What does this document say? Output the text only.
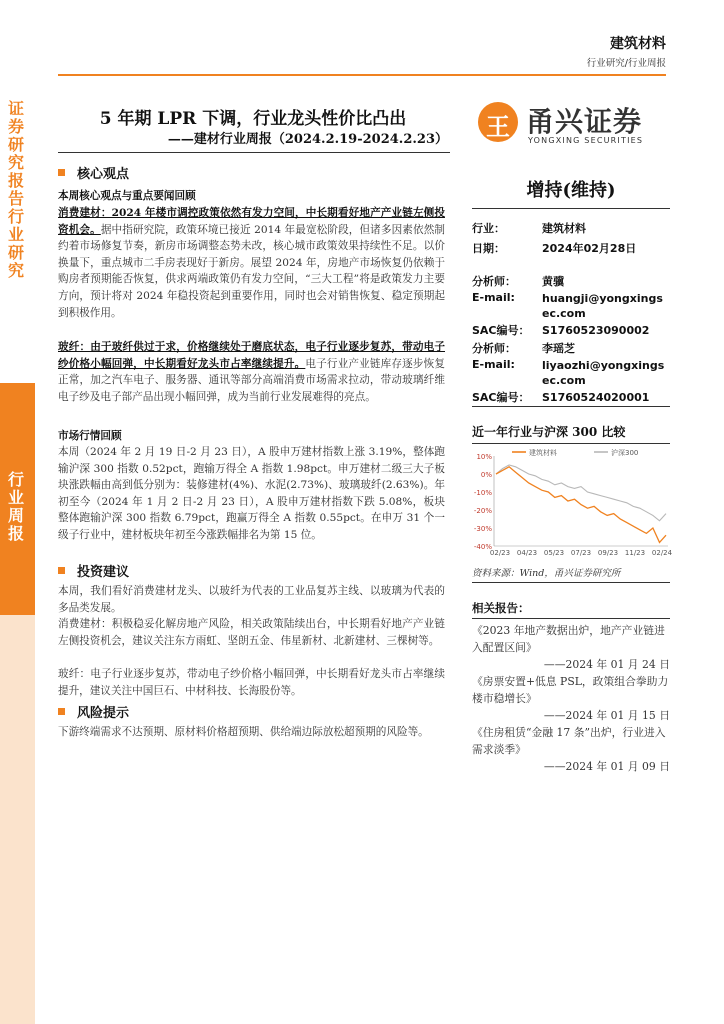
证券研究报告 行业研究
行业周报
建筑材料
行业研究/行业周报
5 年期 LPR 下调，行业龙头性价比凸出
——建材行业周报（2024.2.19-2024.2.23）	王 甬兴证券
YONGXING SECURITIES
核心观点
本周核心观点与重点要闻回顾
消费建材：2024 年楼市调控政策依然有发力空间，中长期看好地产产业链左侧投资机会。据中指研究院，政策环境已接近 2014 年最宽松阶段，但诸多因素依然制约着市场修复节奏，新房市场调整态势未改，核心城市政策效果持续性不足。以价换量下，重点城市二手房表现好于新房。展望 2024 年，房地产市场恢复仍依赖于购房者预期能否恢复，供求两端政策仍有发力空间，“三大工程”将是政策发力主要方向，预计将对 2024 年稳投资起到重要作用，同时也会对销售恢复、稳定预期起到积极作用。
玻纤：由于玻纤供过于求，价格继续处于磨底状态，电子行业逐步复苏，带动电子纱价格小幅回弹，中长期看好龙头市占率继续提升。电子行业产业链库存逐步恢复正常，加之汽车电子、服务器、通讯等部分高端消费市场需求拉动，带动玻璃纤维电子纱及电子部产品出现小幅回弹，成为当前行业发展难得的亮点。
市场行情回顾
本周（2024 年 2 月 19 日-2 月 23 日），A 股申万建材指数上涨 3.19%，整体跑输沪深 300 指数 0.52pct，跑输万得全 A 指数 1.98pct。申万建材二级三大子板块涨跌幅由高到低分别为：装修建材(4%)、水泥(2.73%)、玻璃玻纤(2.63%)。年初至今（2024 年 1 月 2 日-2 月 23 日），A 股申万建材指数下跌 5.08%，板块整体跑输沪深 300 指数 6.79pct，跑赢万得全 A 指数 0.55pct。在申万 31 个一级子行业中，建材板块年初至今涨跌幅排名为第 15 位。
投资建议
本周，我们看好消费建材龙头、以玻纤为代表的工业品复苏主线、以玻璃为代表的多品类发展。
消费建材：积极稳妥化解房地产风险，相关政策陆续出台，中长期看好地产产业链左侧投资机会，建议关注东方雨虹、坚朗五金、伟星新材、北新建材、三棵树等。
玻纤：电子行业逐步复苏，带动电子纱价格小幅回弹，中长期看好龙头市占率继续提升，建议关注中国巨石、中材科技、长海股份等。
风险提示
下游终端需求不达预期、原材料价格超预期、供给端边际放松超预期的风险等。
增持(维持)
行业：	建筑材料
日期：	2024年02月28日
分析师： 黄骥
E-mail: huangji@yongxingsec.com
SAC编号： S1760523090002
分析师： 李瑶芝
E-mail: liyaozhi@yongxingsec.com
SAC编号： S1760524020001
近一年行业与沪深 300 比较
10%
0%
-10%
-20%
-30%
-40%
02/23 04/23 05/23 07/23 09/23 11/23 02/24
建筑材料	沪深300
资料来源：Wind，甬兴证券研究所
相关报告：
《2023 年地产数据出炉，地产产业链进入配置区间》
——2024 年 01 月 24 日
《房票安置+低息 PSL，政策组合拳助力楼市稳增长》
——2024 年 01 月 15 日
《住房租赁“金融 17 条”出炉，行业进入需求淡季》
——2024 年 01 月 09 日
